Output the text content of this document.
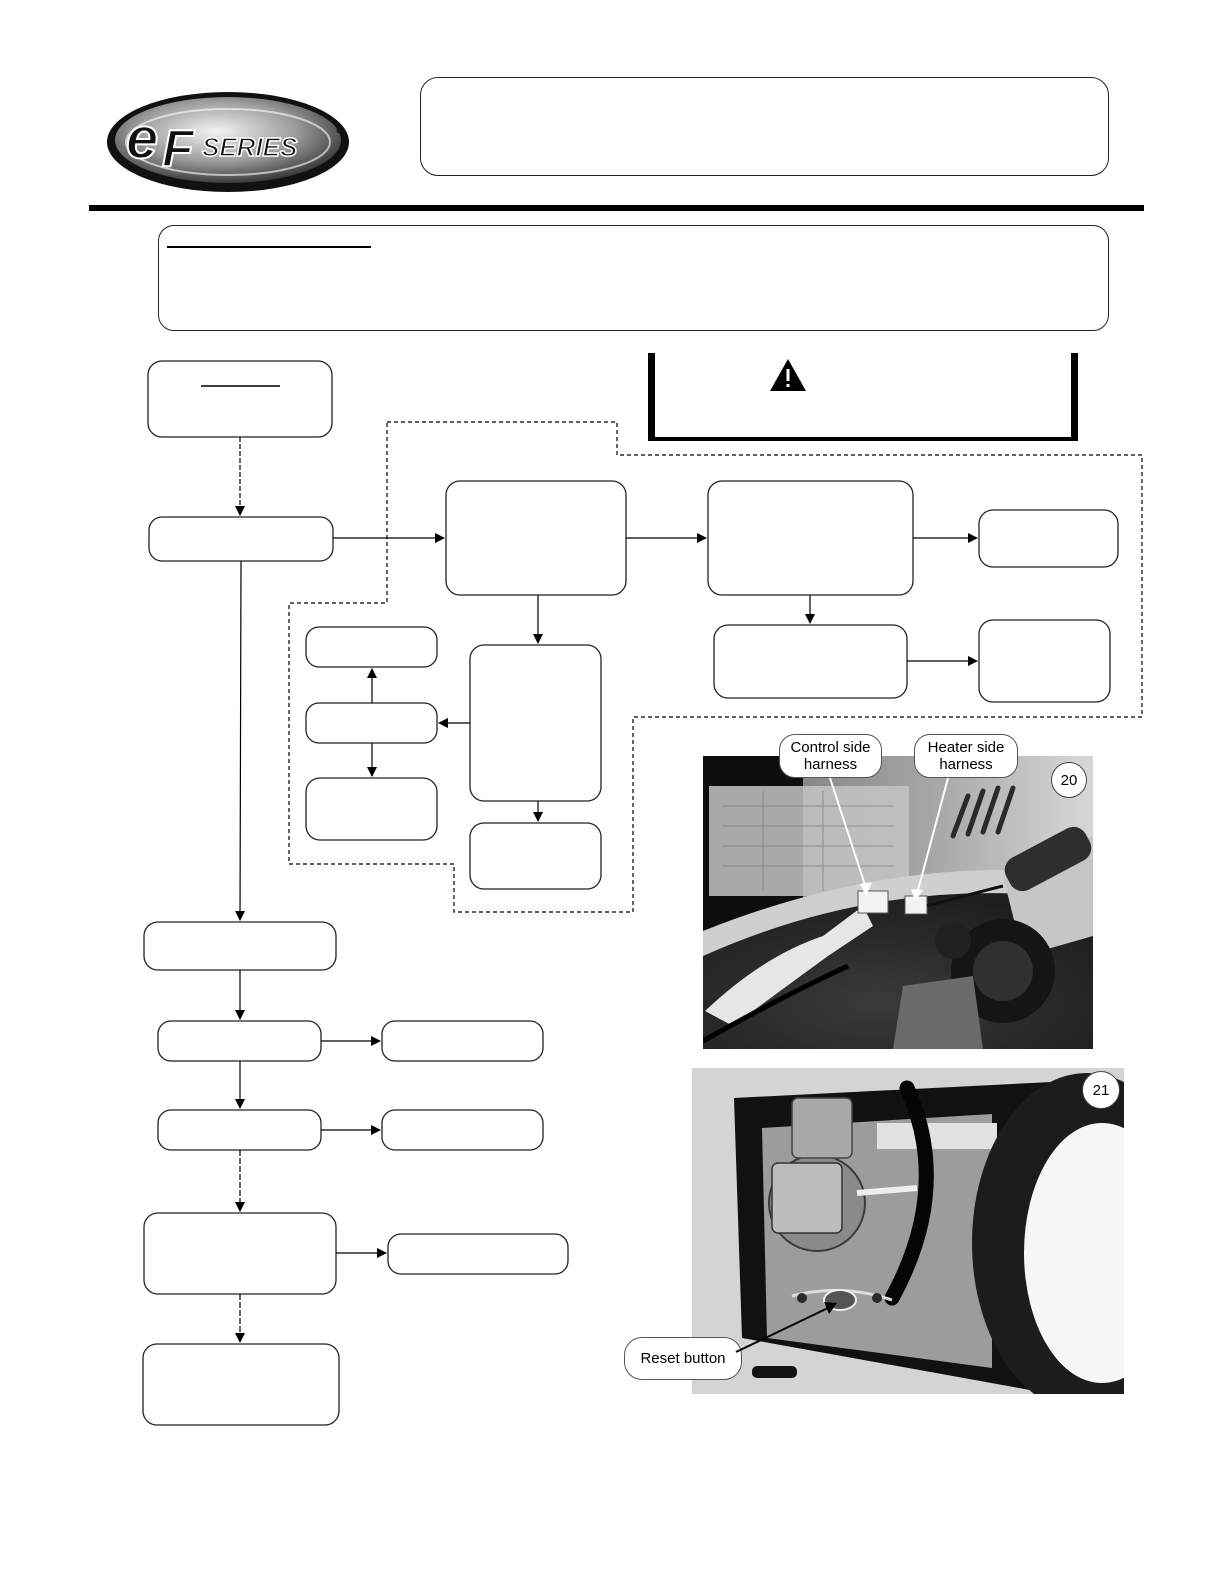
e F SERIES
20
Control side harness
Heater side harness
21
Reset button
